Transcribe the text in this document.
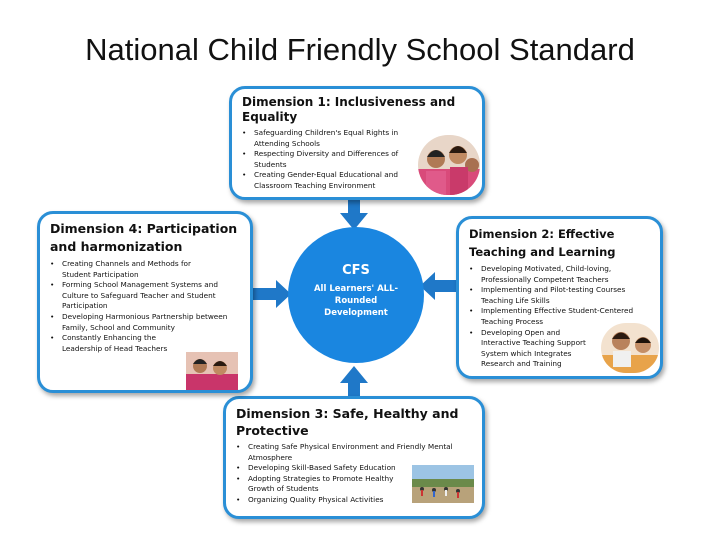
National Child Friendly School Standard
CFS
All Learners' ALL-Rounded Development
Dimension 1: Inclusiveness and Equality
• Safeguarding Children's Equal Rights in Attending Schools
• Respecting Diversity and Differences of Students
• Creating Gender-Equal Educational and Classroom Teaching Environment
Dimension 2: Effective Teaching and Learning
• Developing Motivated, Child-loving, Professionally Competent Teachers
• Implementing and Pilot-testing Courses Teaching Life Skills
• Implementing Effective Student-Centered Teaching Process
• Developing Open and Interactive Teaching Support System which Integrates Research and Training
Dimension 3: Safe, Healthy and Protective
• Creating Safe Physical Environment and Friendly Mental Atmosphere
• Developing Skill-Based Safety Education
• Adopting Strategies to Promote Healthy Growth of Students
• Organizing Quality Physical Activities
Dimension 4: Participation and harmonization
• Creating Channels and Methods for Student Participation
• Forming School Management Systems and Culture to Safeguard Teacher and Student Participation
• Developing Harmonious Partnership between Family, School and Community
• Constantly Enhancing the Leadership of Head Teachers
